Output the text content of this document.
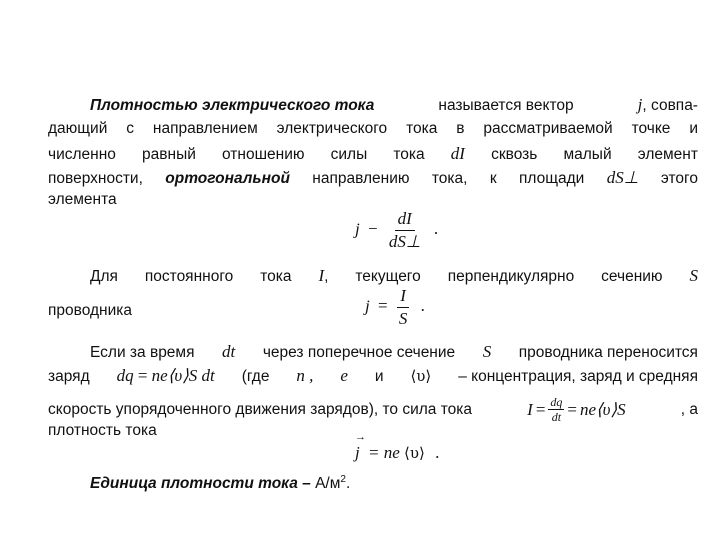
Плотностью электрического тока	называется вектор	j, совпа-
дающий с направлением электрического тока в рассматриваемой точке и
численно равный отношению силы тока dI сквозь малый элемент
поверхности, ортогональной направлению тока, к площади dS⊥ этого
элемента
$j - \frac{dI}{dS\perp}$ .
Для постоянного тока I, текущего перпендикулярно сечению S
проводника	$j = \frac{I}{S}$ .
Если за время dt через поперечное сечение S проводника переносится
заряд dq = ne⟨υ⟩S dt (где n , e и ⟨υ⟩ – концентрация, заряд и средняя
скорость упорядоченного движения зарядов), то сила тока	$I = \frac{dq}{dt}$ = ne⟨υ⟩S	, а
плотность тока
→ j = ne ⟨υ⟩ .
Единица плотности тока – $А/м^2$.
